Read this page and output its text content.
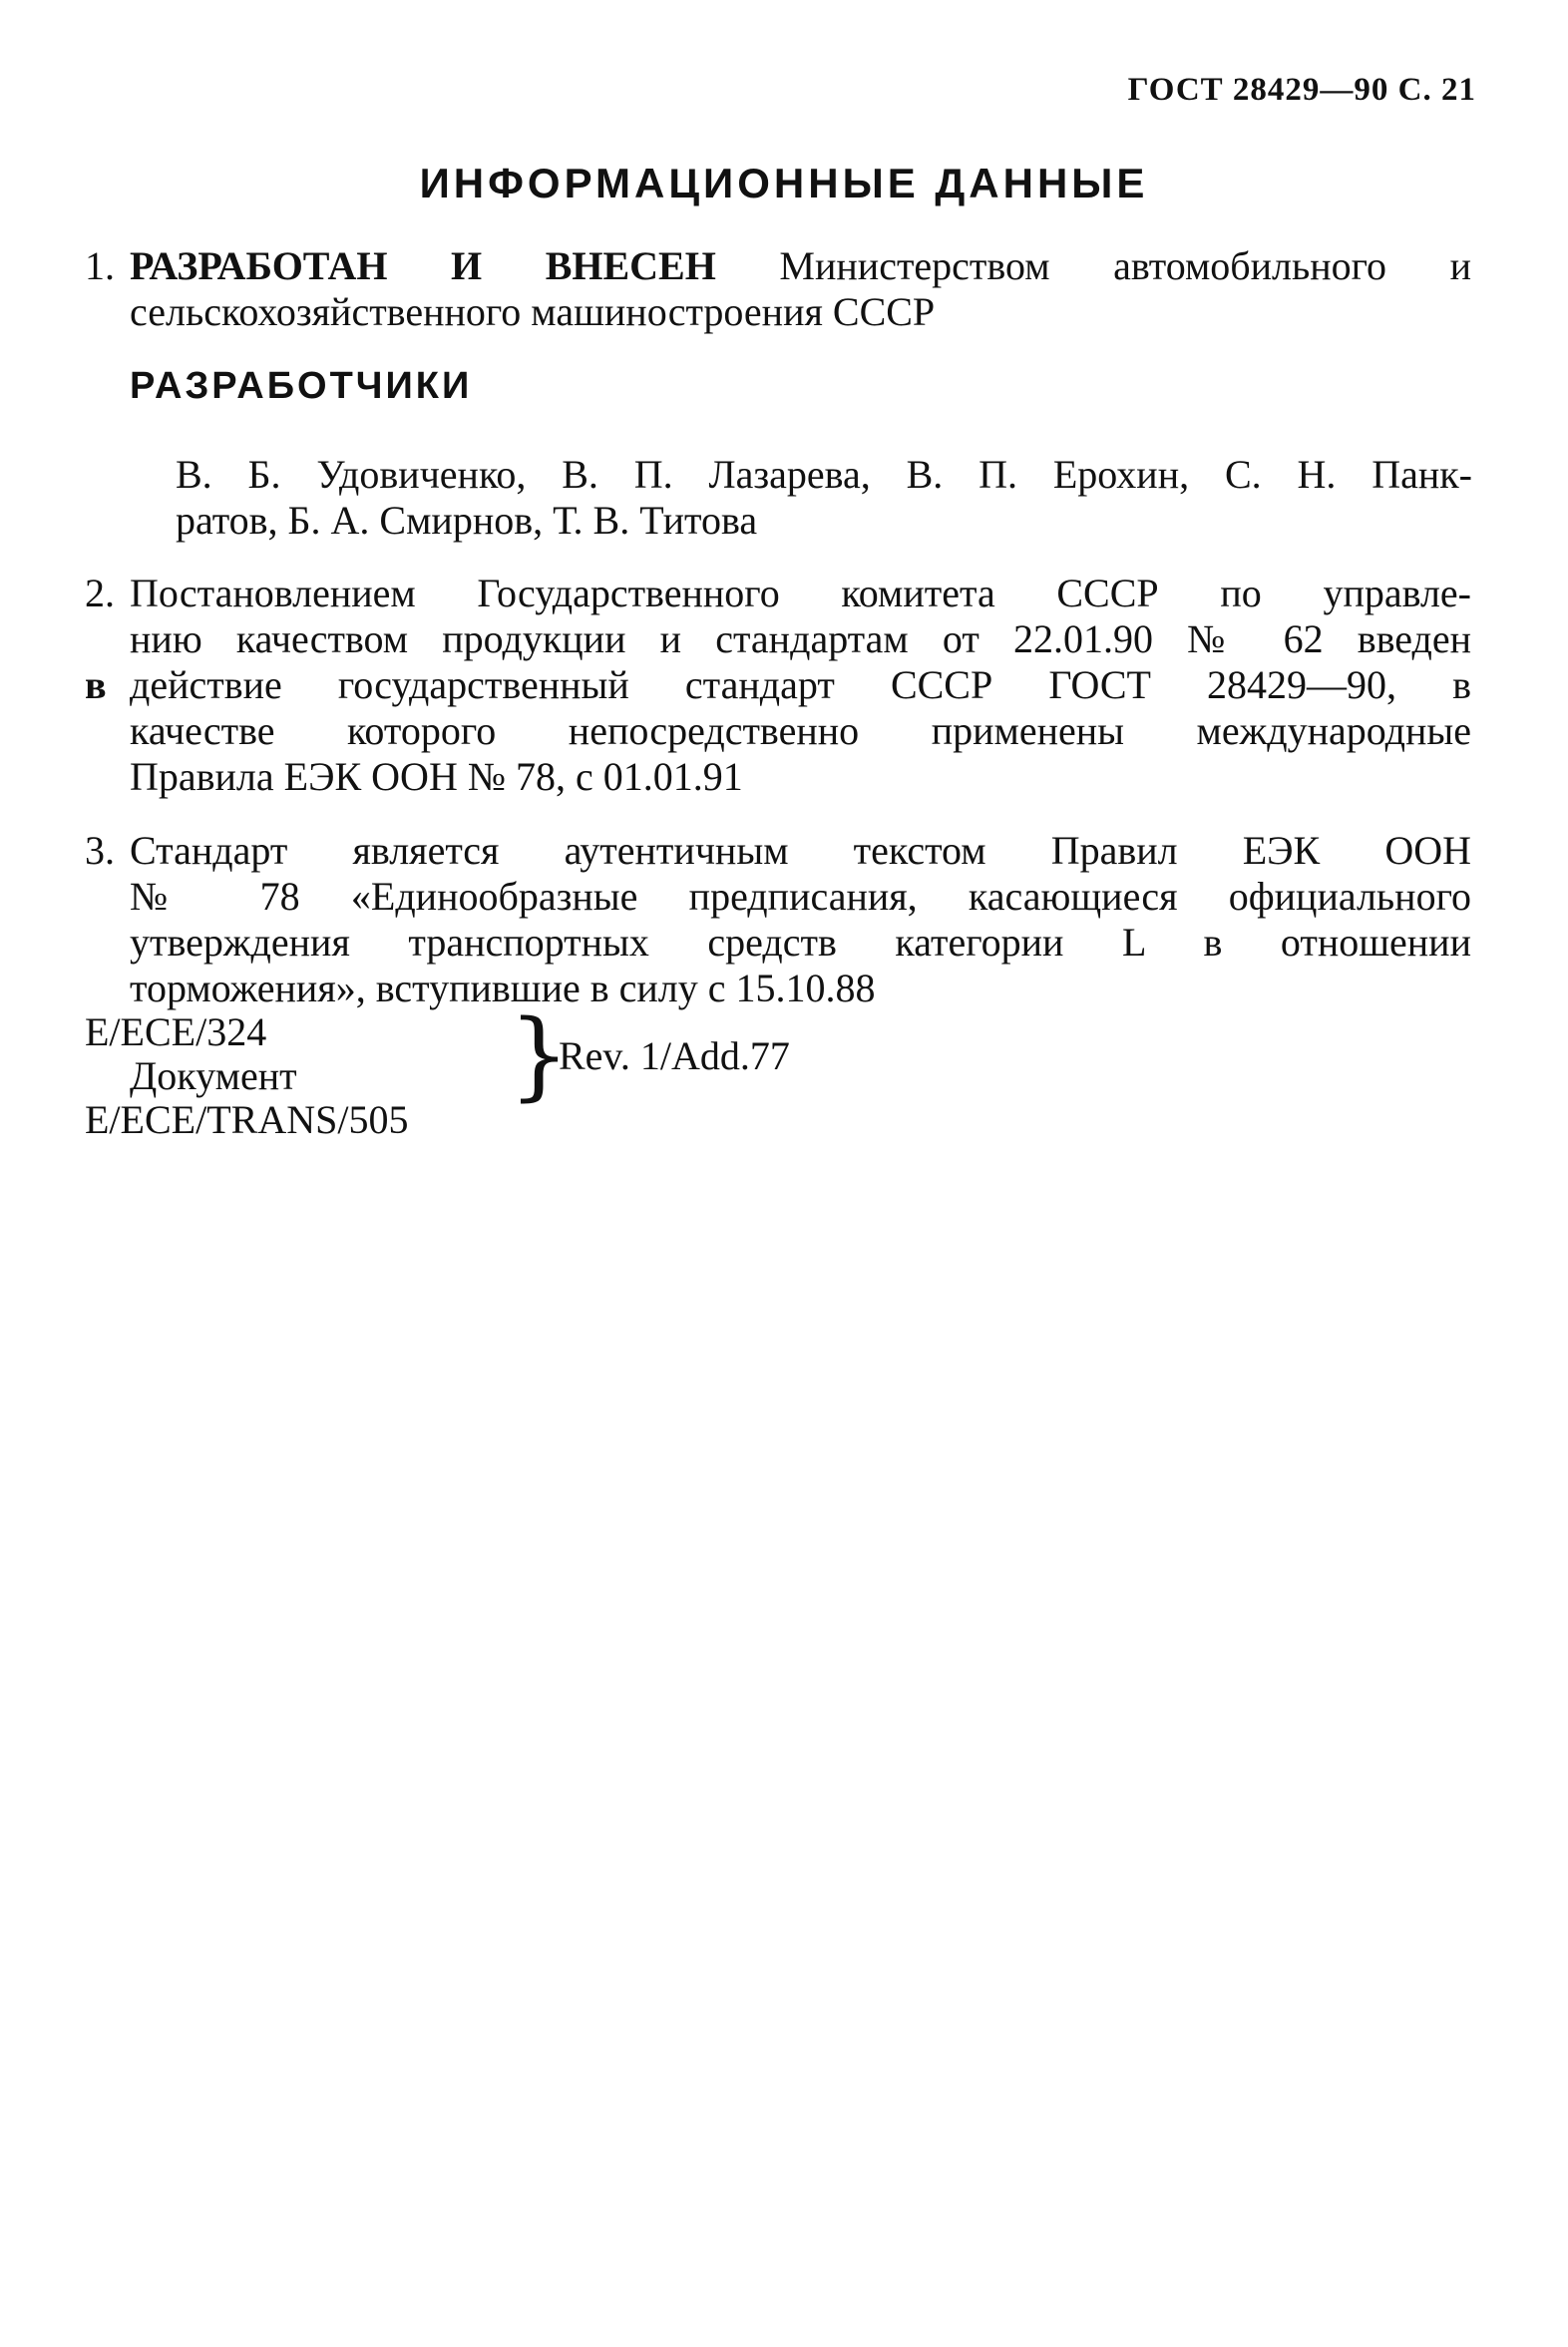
ГОСТ 28429—90 С. 21
ИНФОРМАЦИОННЫЕ ДАННЫЕ
1. РАЗРАБОТАН И ВНЕСЕН Министерством автомобильного и
сельскохозяйственного машиностроения СССР
РАЗРАБОТЧИКИ
В. Б. Удовиченко, В. П. Лазарева, В. П. Ерохин, С. Н. Панк-
ратов, Б. А. Смирнов, Т. В. Титова
2.
в
Постановлением Государственного комитета СССР по управле-
нию качеством продукции и стандартам от 22.01.90 № 62 введен
действие государственный стандарт СССР ГОСТ 28429—90, в
качестве которого непосредственно применены международные
Правила ЕЭК ООН № 78, с 01.01.91
3. Стандарт является аутентичным текстом Правил ЕЭК ООН
№ 78 «Единообразные предписания, касающиеся официального
утверждения транспортных средств категории L в отношении
торможения», вступившие в силу с 15.10.88
E/ECE/324
Документ
E/ECE/TRANS/505
}
Rev. 1/Add.77
